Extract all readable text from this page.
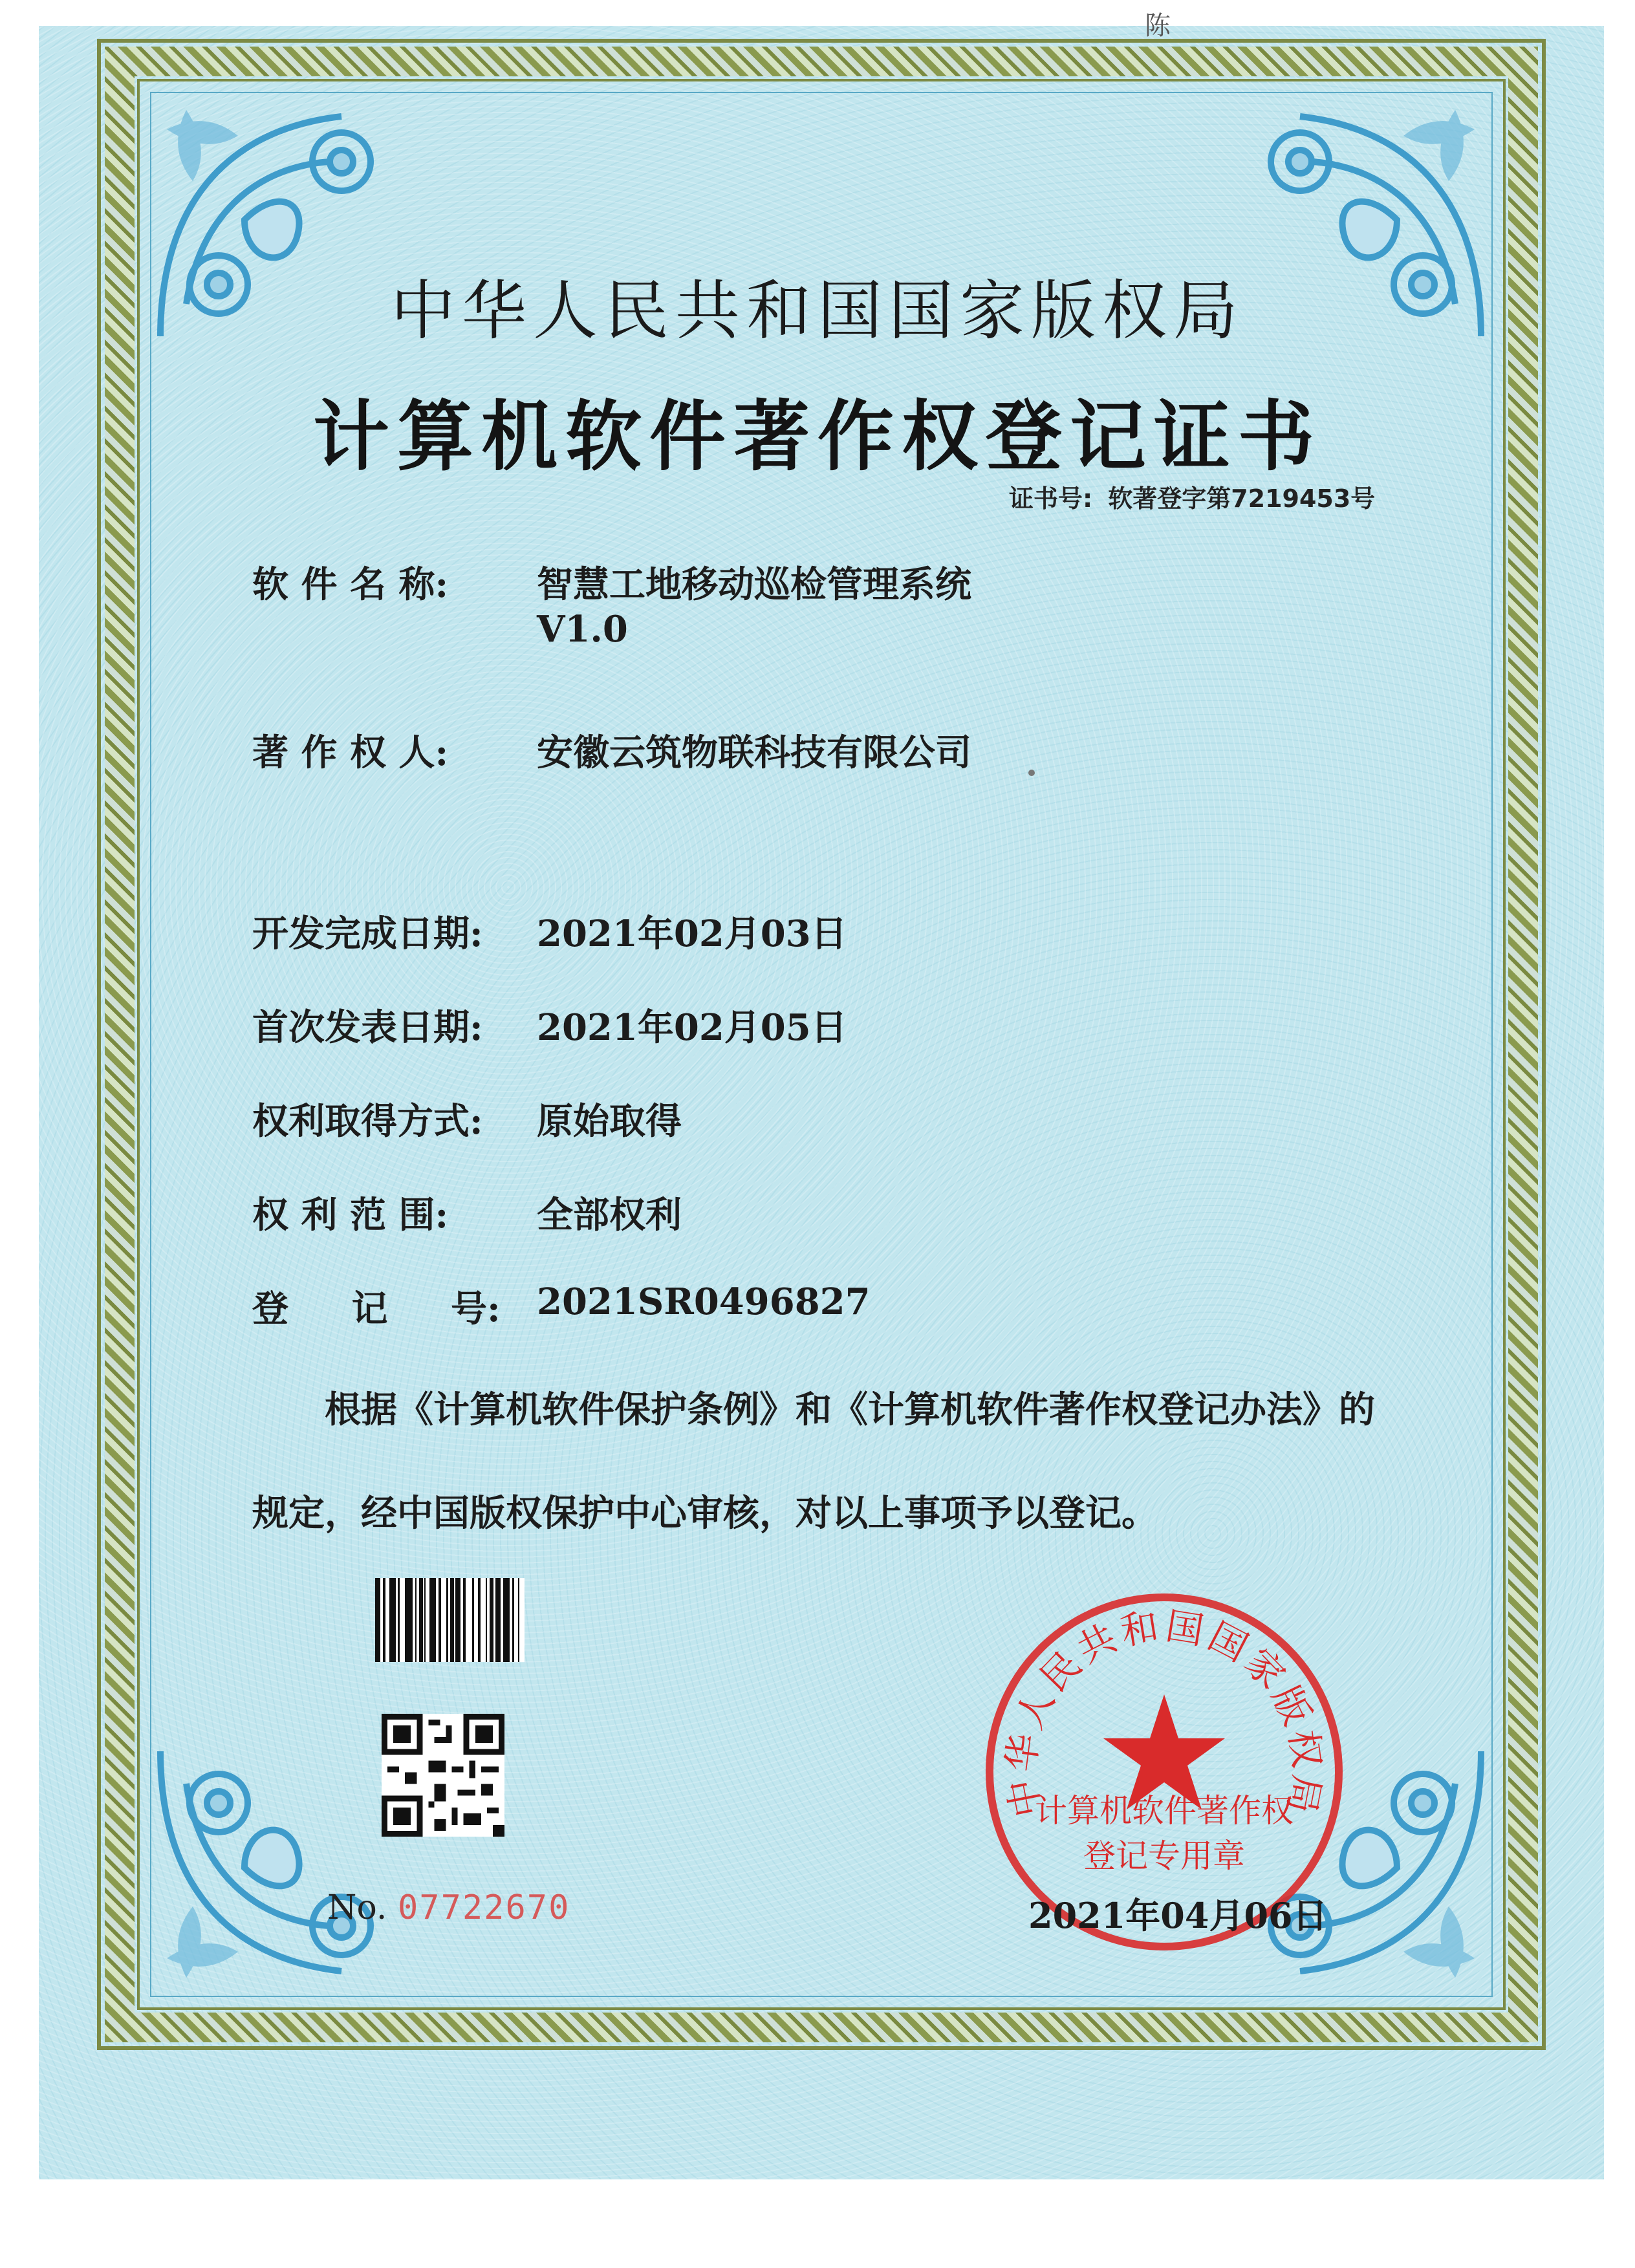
陈
中华人民共和国国家版权局
计算机软件著作权登记证书
证书号: 软著登字第7219453号
软 件 名 称: 智慧工地移动巡检管理系统
V1.0
著 作 权 人: 安徽云筑物联科技有限公司
开发完成日期: 2021年02月03日
首次发表日期: 2021年02月05日
权利取得方式: 原始取得
权 利 范 围: 全部权利
登     记     号: 2021SR0496827
根据《计算机软件保护条例》和《计算机软件著作权登记办法》的
规定，经中国版权保护中心审核，对以上事项予以登记。
No. 07722670
中华人民共和国国家版权局
计算机软件著作权
登记专用章
2021年04月06日
